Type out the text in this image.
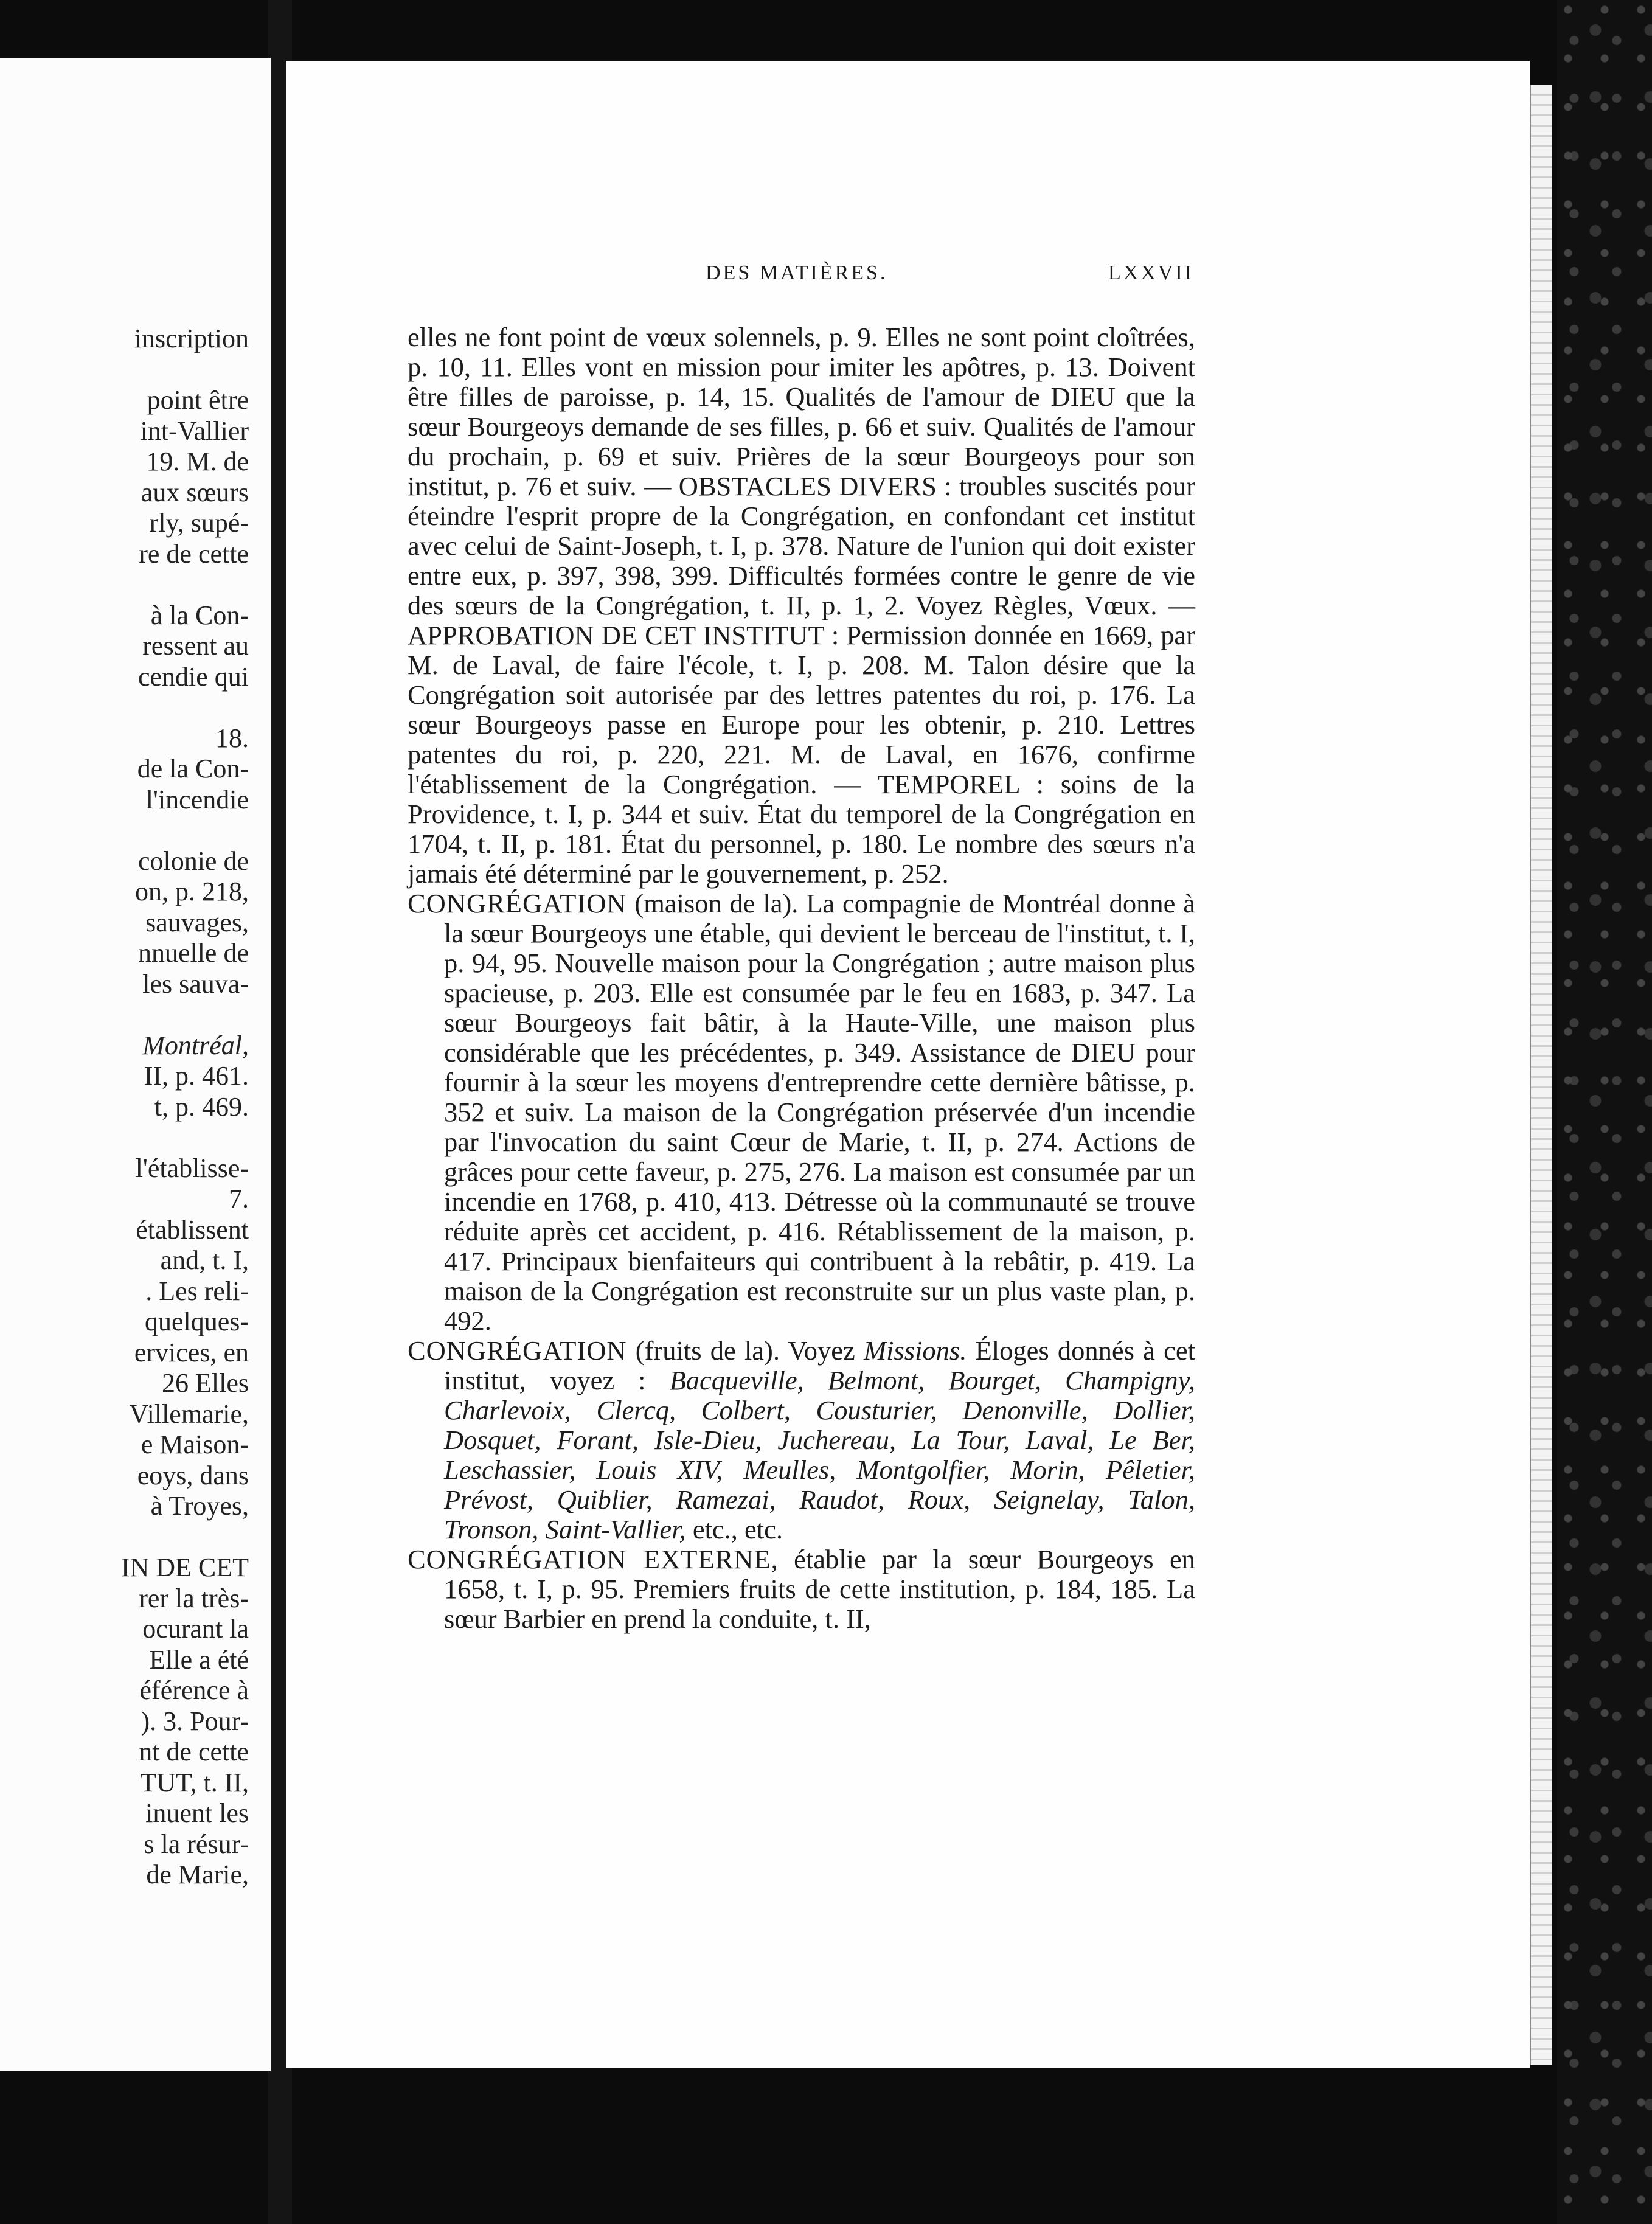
inscription
point être
int-Vallier
19. M. de
aux sœurs
rly, supé-
re de cette
à la Con-
ressent au
cendie qui
18.
de la Con-
l'incendie
colonie de
on, p. 218,
sauvages,
nnuelle de
les sauva-
Montréal,
II, p. 461.
t, p. 469.
l'établisse-
7.
établissent
and, t. I,
. Les reli-
quelques-
ervices, en
26 Elles
Villemarie,
e Maison-
eoys, dans
à Troyes,
IN DE CET
rer la très-
ocurant la
Elle a été
éférence à
). 3. Pour-
nt de cette
TUT, t. II,
inuent les
s la résur-
de Marie,
DES MATIÈRES.	LXXVII

elles ne font point de vœux solennels, p. 9. Elles ne sont point cloîtrées, p. 10, 11. Elles vont en mission pour imiter les apôtres, p. 13. Doivent être filles de paroisse, p. 14, 15. Qualités de l'amour de DIEU que la sœur Bourgeoys demande de ses filles, p. 66 et suiv. Qualités de l'amour du prochain, p. 69 et suiv. Prières de la sœur Bourgeoys pour son institut, p. 76 et suiv. — OBSTACLES DIVERS : troubles suscités pour éteindre l'esprit propre de la Congrégation, en confondant cet institut avec celui de Saint-Joseph, t. I, p. 378. Nature de l'union qui doit exister entre eux, p. 397, 398, 399. Difficultés formées contre le genre de vie des sœurs de la Congrégation, t. II, p. 1, 2. Voyez Règles, Vœux. — APPROBATION DE CET INSTITUT : Permission donnée en 1669, par M. de Laval, de faire l'école, t. I, p. 208. M. Talon désire que la Congrégation soit autorisée par des lettres patentes du roi, p. 176. La sœur Bourgeoys passe en Europe pour les obtenir, p. 210. Lettres patentes du roi, p. 220, 221. M. de Laval, en 1676, confirme l'établissement de la Congrégation. — TEMPOREL : soins de la Providence, t. I, p. 344 et suiv. État du temporel de la Congrégation en 1704, t. II, p. 181. État du personnel, p. 180. Le nombre des sœurs n'a jamais été déterminé par le gouvernement, p. 252.

CONGRÉGATION (maison de la). La compagnie de Montréal donne à la sœur Bourgeoys une étable, qui devient le berceau de l'institut, t. I, p. 94, 95. Nouvelle maison pour la Congrégation ; autre maison plus spacieuse, p. 203. Elle est consumée par le feu en 1683, p. 347. La sœur Bourgeoys fait bâtir, à la Haute-Ville, une maison plus considérable que les précédentes, p. 349. Assistance de DIEU pour fournir à la sœur les moyens d'entreprendre cette dernière bâtisse, p. 352 et suiv. La maison de la Congrégation préservée d'un incendie par l'invocation du saint Cœur de Marie, t. II, p. 274. Actions de grâces pour cette faveur, p. 275, 276. La maison est consumée par un incendie en 1768, p. 410, 413. Détresse où la communauté se trouve réduite après cet accident, p. 416. Rétablissement de la maison, p. 417. Principaux bienfaiteurs qui contribuent à la rebâtir, p. 419. La maison de la Congrégation est reconstruite sur un plus vaste plan, p. 492.

CONGRÉGATION (fruits de la). Voyez Missions. Éloges donnés à cet institut, voyez : Bacqueville, Belmont, Bourget, Champigny, Charlevoix, Clercq, Colbert, Cousturier, Denonville, Dollier, Dosquet, Forant, Isle-Dieu, Juchereau, La Tour, Laval, Le Ber, Leschassier, Louis XIV, Meulles, Montgolfier, Morin, Pêletier, Prévost, Quiblier, Ramezai, Raudot, Roux, Seignelay, Talon, Tronson, Saint-Vallier, etc., etc.

CONGRÉGATION EXTERNE, établie par la sœur Bourgeoys en 1658, t. I, p. 95. Premiers fruits de cette institution, p. 184, 185. La sœur Barbier en prend la conduite, t. II,
